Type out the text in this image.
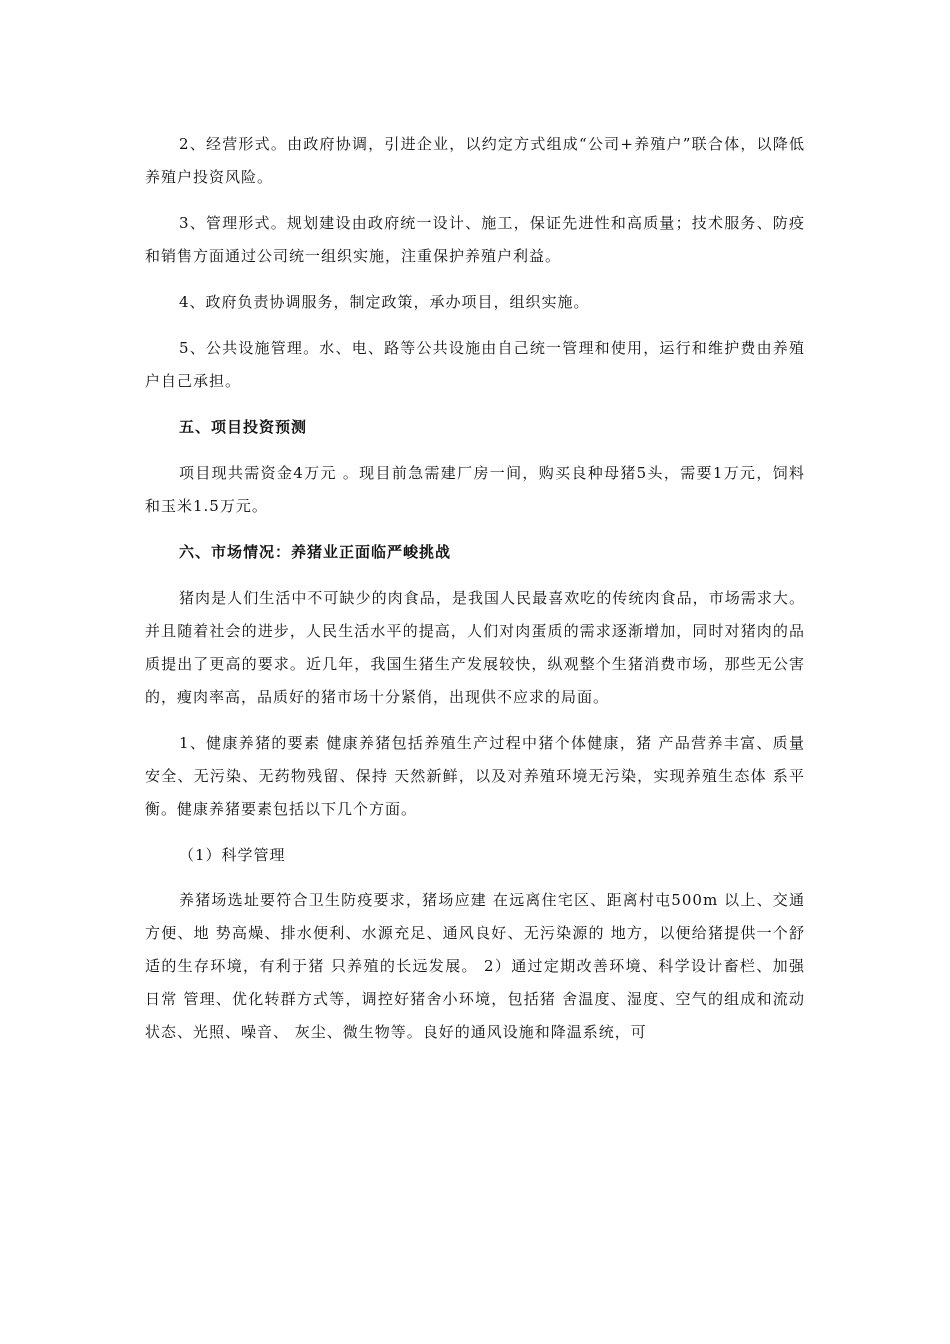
2、经营形式。由政府协调，引进企业，以约定方式组成“公司+养殖户”联合体，以降低养殖户投资风险。

3、管理形式。规划建设由政府统一设计、施工，保证先进性和高质量；技术服务、防疫和销售方面通过公司统一组织实施，注重保护养殖户利益。

4、政府负责协调服务，制定政策，承办项目，组织实施。

5、公共设施管理。水、电、路等公共设施由自己统一管理和使用，运行和维护费由养殖户自己承担。

五、项目投资预测

项目现共需资金4万元 。现目前急需建厂房一间，购买良种母猪5头，需要1万元，饲料和玉米1.5万元。

六、市场情况：养猪业正面临严峻挑战

猪肉是人们生活中不可缺少的肉食品，是我国人民最喜欢吃的传统肉食品，市场需求大。并且随着社会的进步，人民生活水平的提高，人们对肉蛋质的需求逐渐增加，同时对猪肉的品质提出了更高的要求。近几年，我国生猪生产发展较快，纵观整个生猪消费市场，那些无公害的，瘦肉率高，品质好的猪市场十分紧俏，出现供不应求的局面。

1、健康养猪的要素 健康养猪包括养殖生产过程中猪个体健康，猪 产品营养丰富、质量安全、无污染、无药物残留、保持 天然新鲜，以及对养殖环境无污染，实现养殖生态体 系平衡。健康养猪要素包括以下几个方面。

（1）科学管理

养猪场选址要符合卫生防疫要求，猪场应建 在远离住宅区、距离村屯500m 以上、交通方便、地 势高燥、排水便利、水源充足、通风良好、无污染源的 地方，以便给猪提供一个舒适的生存环境，有利于猪 只养殖的长远发展。 2）通过定期改善环境、科学设计畜栏、加强日常 管理、优化转群方式等，调控好猪舍小环境，包括猪 舍温度、湿度、空气的组成和流动状态、光照、噪音、 灰尘、微生物等。良好的通风设施和降温系统，可
